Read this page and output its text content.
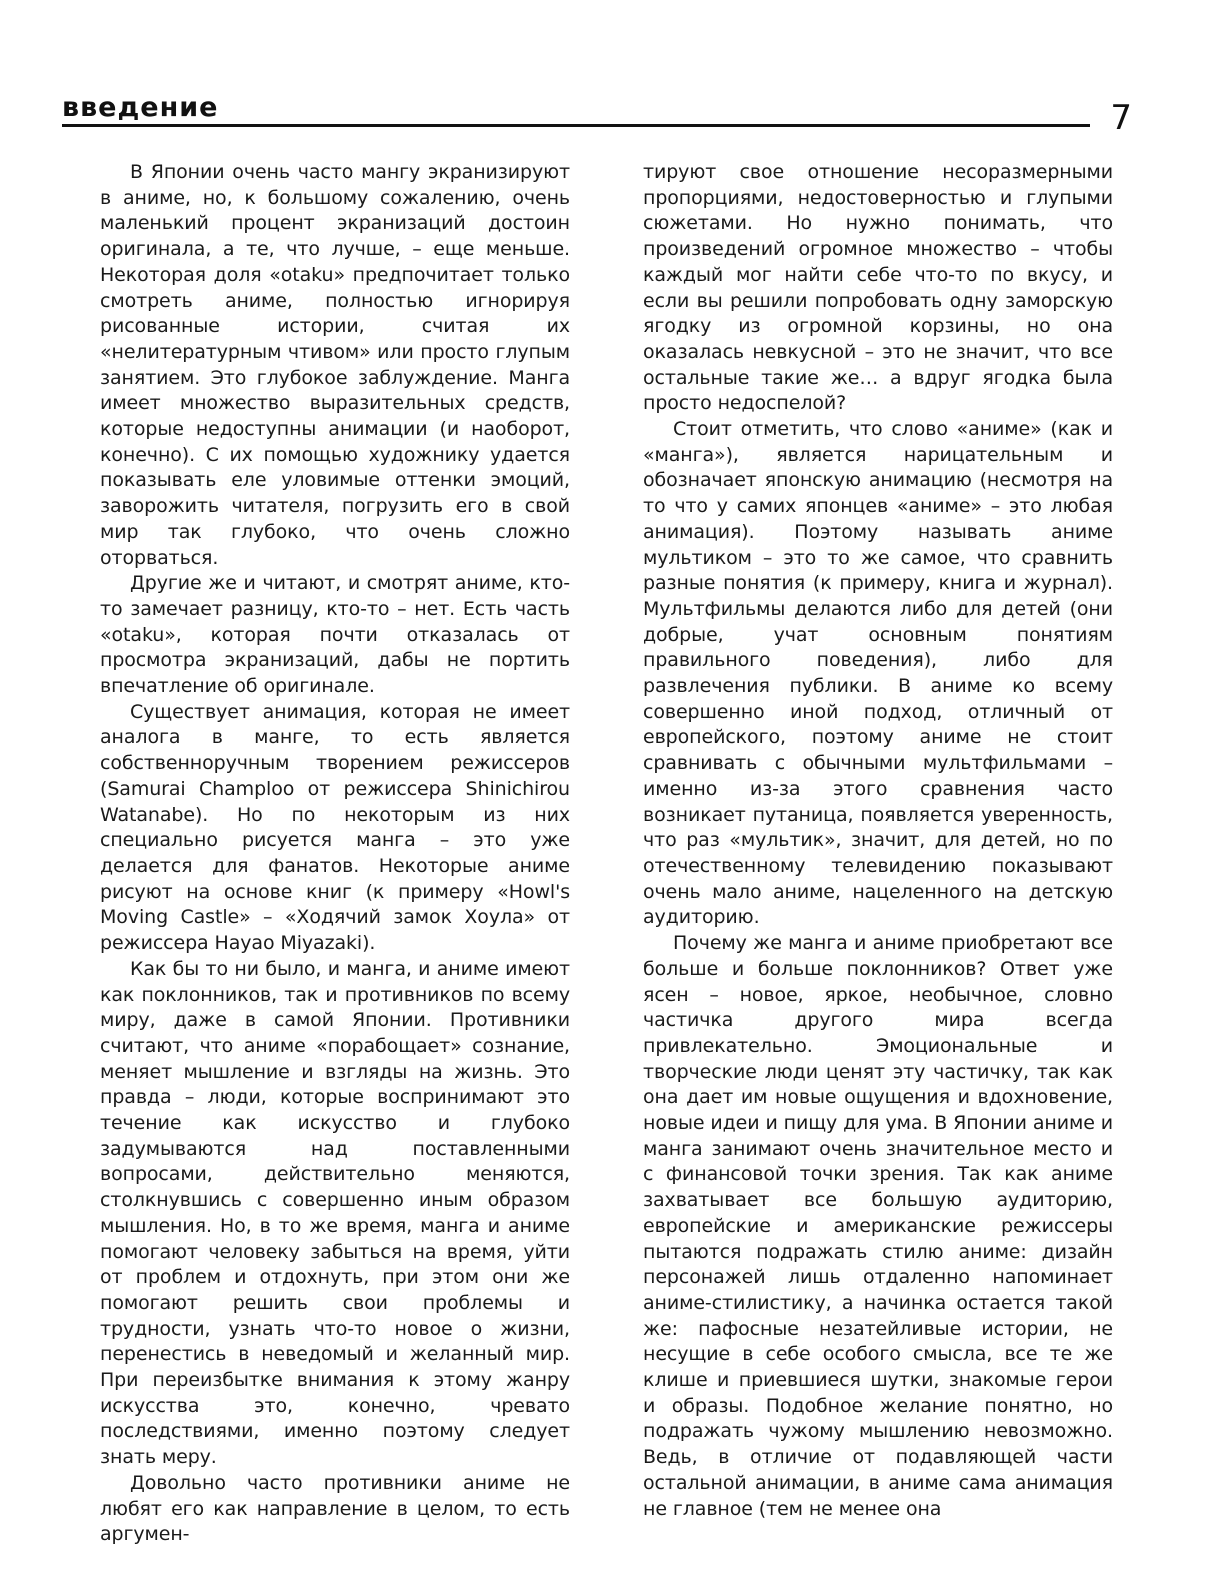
введение	7

В Японии очень часто мангу экранизируют в аниме, но, к большому сожалению, очень маленький процент экранизаций достоин оригинала, а те, что лучше, – еще меньше. Некоторая доля «otaku» предпочитает только смотреть аниме, полностью игнорируя рисованные истории, считая их «нелитературным чтивом» или просто глупым занятием. Это глубокое заблуждение. Манга имеет множество выразительных средств, которые недоступны анимации (и наоборот, конечно). С их помощью художнику удается показывать еле уловимые оттенки эмоций, заворожить читателя, погрузить его в свой мир так глубоко, что очень сложно оторваться.

Другие же и читают, и смотрят аниме, кто-то замечает разницу, кто-то – нет. Есть часть «otaku», которая почти отказалась от просмотра экранизаций, дабы не портить впечатление об оригинале.

Существует анимация, которая не имеет аналога в манге, то есть является собственноручным творением режиссеров (Samurai Champloo от режиссера Shinichirou Watanabe). Но по некоторым из них специально рисуется манга – это уже делается для фанатов. Некоторые аниме рисуют на основе книг (к примеру «Howl's Moving Castle» – «Ходячий замок Хоула» от режиссера Hayao Miyazaki).

Как бы то ни было, и манга, и аниме имеют как поклонников, так и противников по всему миру, даже в самой Японии. Противники считают, что аниме «порабощает» сознание, меняет мышление и взгляды на жизнь. Это правда – люди, которые воспринимают это течение как искусство и глубоко задумываются над поставленными вопросами, действительно меняются, столкнувшись с совершенно иным образом мышления. Но, в то же время, манга и аниме помогают человеку забыться на время, уйти от проблем и отдохнуть, при этом они же помогают решить свои проблемы и трудности, узнать что-то новое о жизни, перенестись в неведомый и желанный мир. При переизбытке внимания к этому жанру искусства это, конечно, чревато последствиями, именно поэтому следует знать меру.

Довольно часто противники аниме не любят его как направление в целом, то есть аргумен-

тируют свое отношение несоразмерными пропорциями, недостоверностью и глупыми сюжетами. Но нужно понимать, что произведений огромное множество – чтобы каждый мог найти себе что-то по вкусу, и если вы решили попробовать одну заморскую ягодку из огромной корзины, но она оказалась невкусной – это не значит, что все остальные такие же… а вдруг ягодка была просто недоспелой?

Стоит отметить, что слово «аниме» (как и «манга»), является нарицательным и обозначает японскую анимацию (несмотря на то что у самих японцев «аниме» – это любая анимация). Поэтому называть аниме мультиком – это то же самое, что сравнить разные понятия (к примеру, книга и журнал). Мультфильмы делаются либо для детей (они добрые, учат основным понятиям правильного поведения), либо для развлечения публики. В аниме ко всему совершенно иной подход, отличный от европейского, поэтому аниме не стоит сравнивать с обычными мультфильмами – именно из-за этого сравнения часто возникает путаница, появляется уверенность, что раз «мультик», значит, для детей, но по отечественному телевидению показывают очень мало аниме, нацеленного на детскую аудиторию.

Почему же манга и аниме приобретают все больше и больше поклонников? Ответ уже ясен – новое, яркое, необычное, словно частичка другого мира всегда привлекательно. Эмоциональные и творческие люди ценят эту частичку, так как она дает им новые ощущения и вдохновение, новые идеи и пищу для ума. В Японии аниме и манга занимают очень значительное место и с финансовой точки зрения. Так как аниме захватывает все большую аудиторию, европейские и американские режиссеры пытаются подражать стилю аниме: дизайн персонажей лишь отдаленно напоминает аниме-стилистику, а начинка остается такой же: пафосные незатейливые истории, не несущие в себе особого смысла, все те же клише и приевшиеся шутки, знакомые герои и образы. Подобное желание понятно, но подражать чужому мышлению невозможно. Ведь, в отличие от подавляющей части остальной анимации, в аниме сама анимация не главное (тем не менее она
